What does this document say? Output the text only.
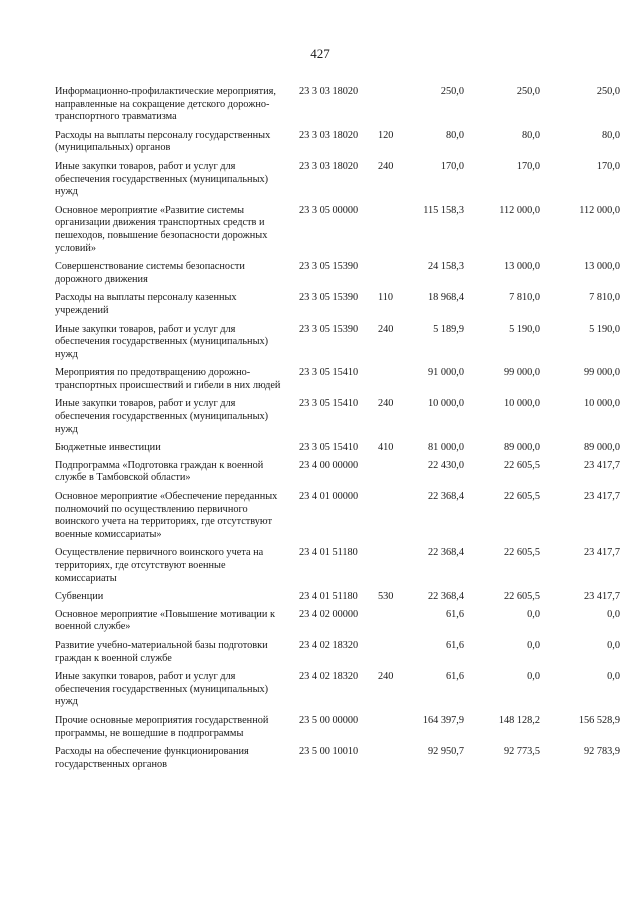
427
Информационно-профилактические мероприятия, направленные на сокращение детского дорожно-транспортного травматизма
23 3 03 18020	250,0	250,0	250,0
Расходы на выплаты персоналу государственных (муниципальных) органов
23 3 03 18020 120	80,0	80,0	80,0
Иные закупки товаров, работ и услуг для обеспечения государственных (муниципальных) нужд
23 3 03 18020 240	170,0	170,0	170,0
Основное мероприятие «Развитие системы организации движения транспортных средств и пешеходов, повышение безопасности дорожных условий»
23 3 05 00000	115 158,3	112 000,0	112 000,0
Совершенствование системы безопасности дорожного движения
23 3 05 15390	24 158,3	13 000,0	13 000,0
Расходы на выплаты персоналу казенных учреждений
23 3 05 15390 110	18 968,4	7 810,0	7 810,0
Иные закупки товаров, работ и услуг для обеспечения государственных (муниципальных) нужд
23 3 05 15390 240	5 189,9	5 190,0	5 190,0
Мероприятия по предотвращению дорожно-транспортных происшествий и гибели в них людей
23 3 05 15410	91 000,0	99 000,0	99 000,0
Иные закупки товаров, работ и услуг для обеспечения государственных (муниципальных) нужд
23 3 05 15410 240	10 000,0	10 000,0	10 000,0
Бюджетные инвестиции	23 3 05 15410 410	81 000,0	89 000,0	89 000,0
Подпрограмма «Подготовка граждан к военной службе в Тамбовской области»
23 4 00 00000	22 430,0	22 605,5	23 417,7
Основное мероприятие «Обеспечение переданных полномочий по осуществлению первичного воинского учета на территориях, где отсутствуют военные комиссариаты»
23 4 01 00000	22 368,4	22 605,5	23 417,7
Осуществление первичного воинского учета на территориях, где отсутствуют военные комиссариаты
23 4 01 51180	22 368,4	22 605,5	23 417,7
Субвенции	23 4 01 51180 530	22 368,4	22 605,5	23 417,7
Основное мероприятие «Повышение мотивации к военной службе»
23 4 02 00000	61,6	0,0	0,0
Развитие учебно-материальной базы подготовки граждан к военной службе
23 4 02 18320	61,6	0,0	0,0
Иные закупки товаров, работ и услуг для обеспечения государственных (муниципальных) нужд
23 4 02 18320 240	61,6	0,0	0,0
Прочие основные мероприятия государственной программы, не вошедшие в подпрограммы
23 5 00 00000	164 397,9	148 128,2	156 528,9
Расходы на обеспечение функционирования государственных органов
23 5 00 10010	92 950,7	92 773,5	92 783,9
